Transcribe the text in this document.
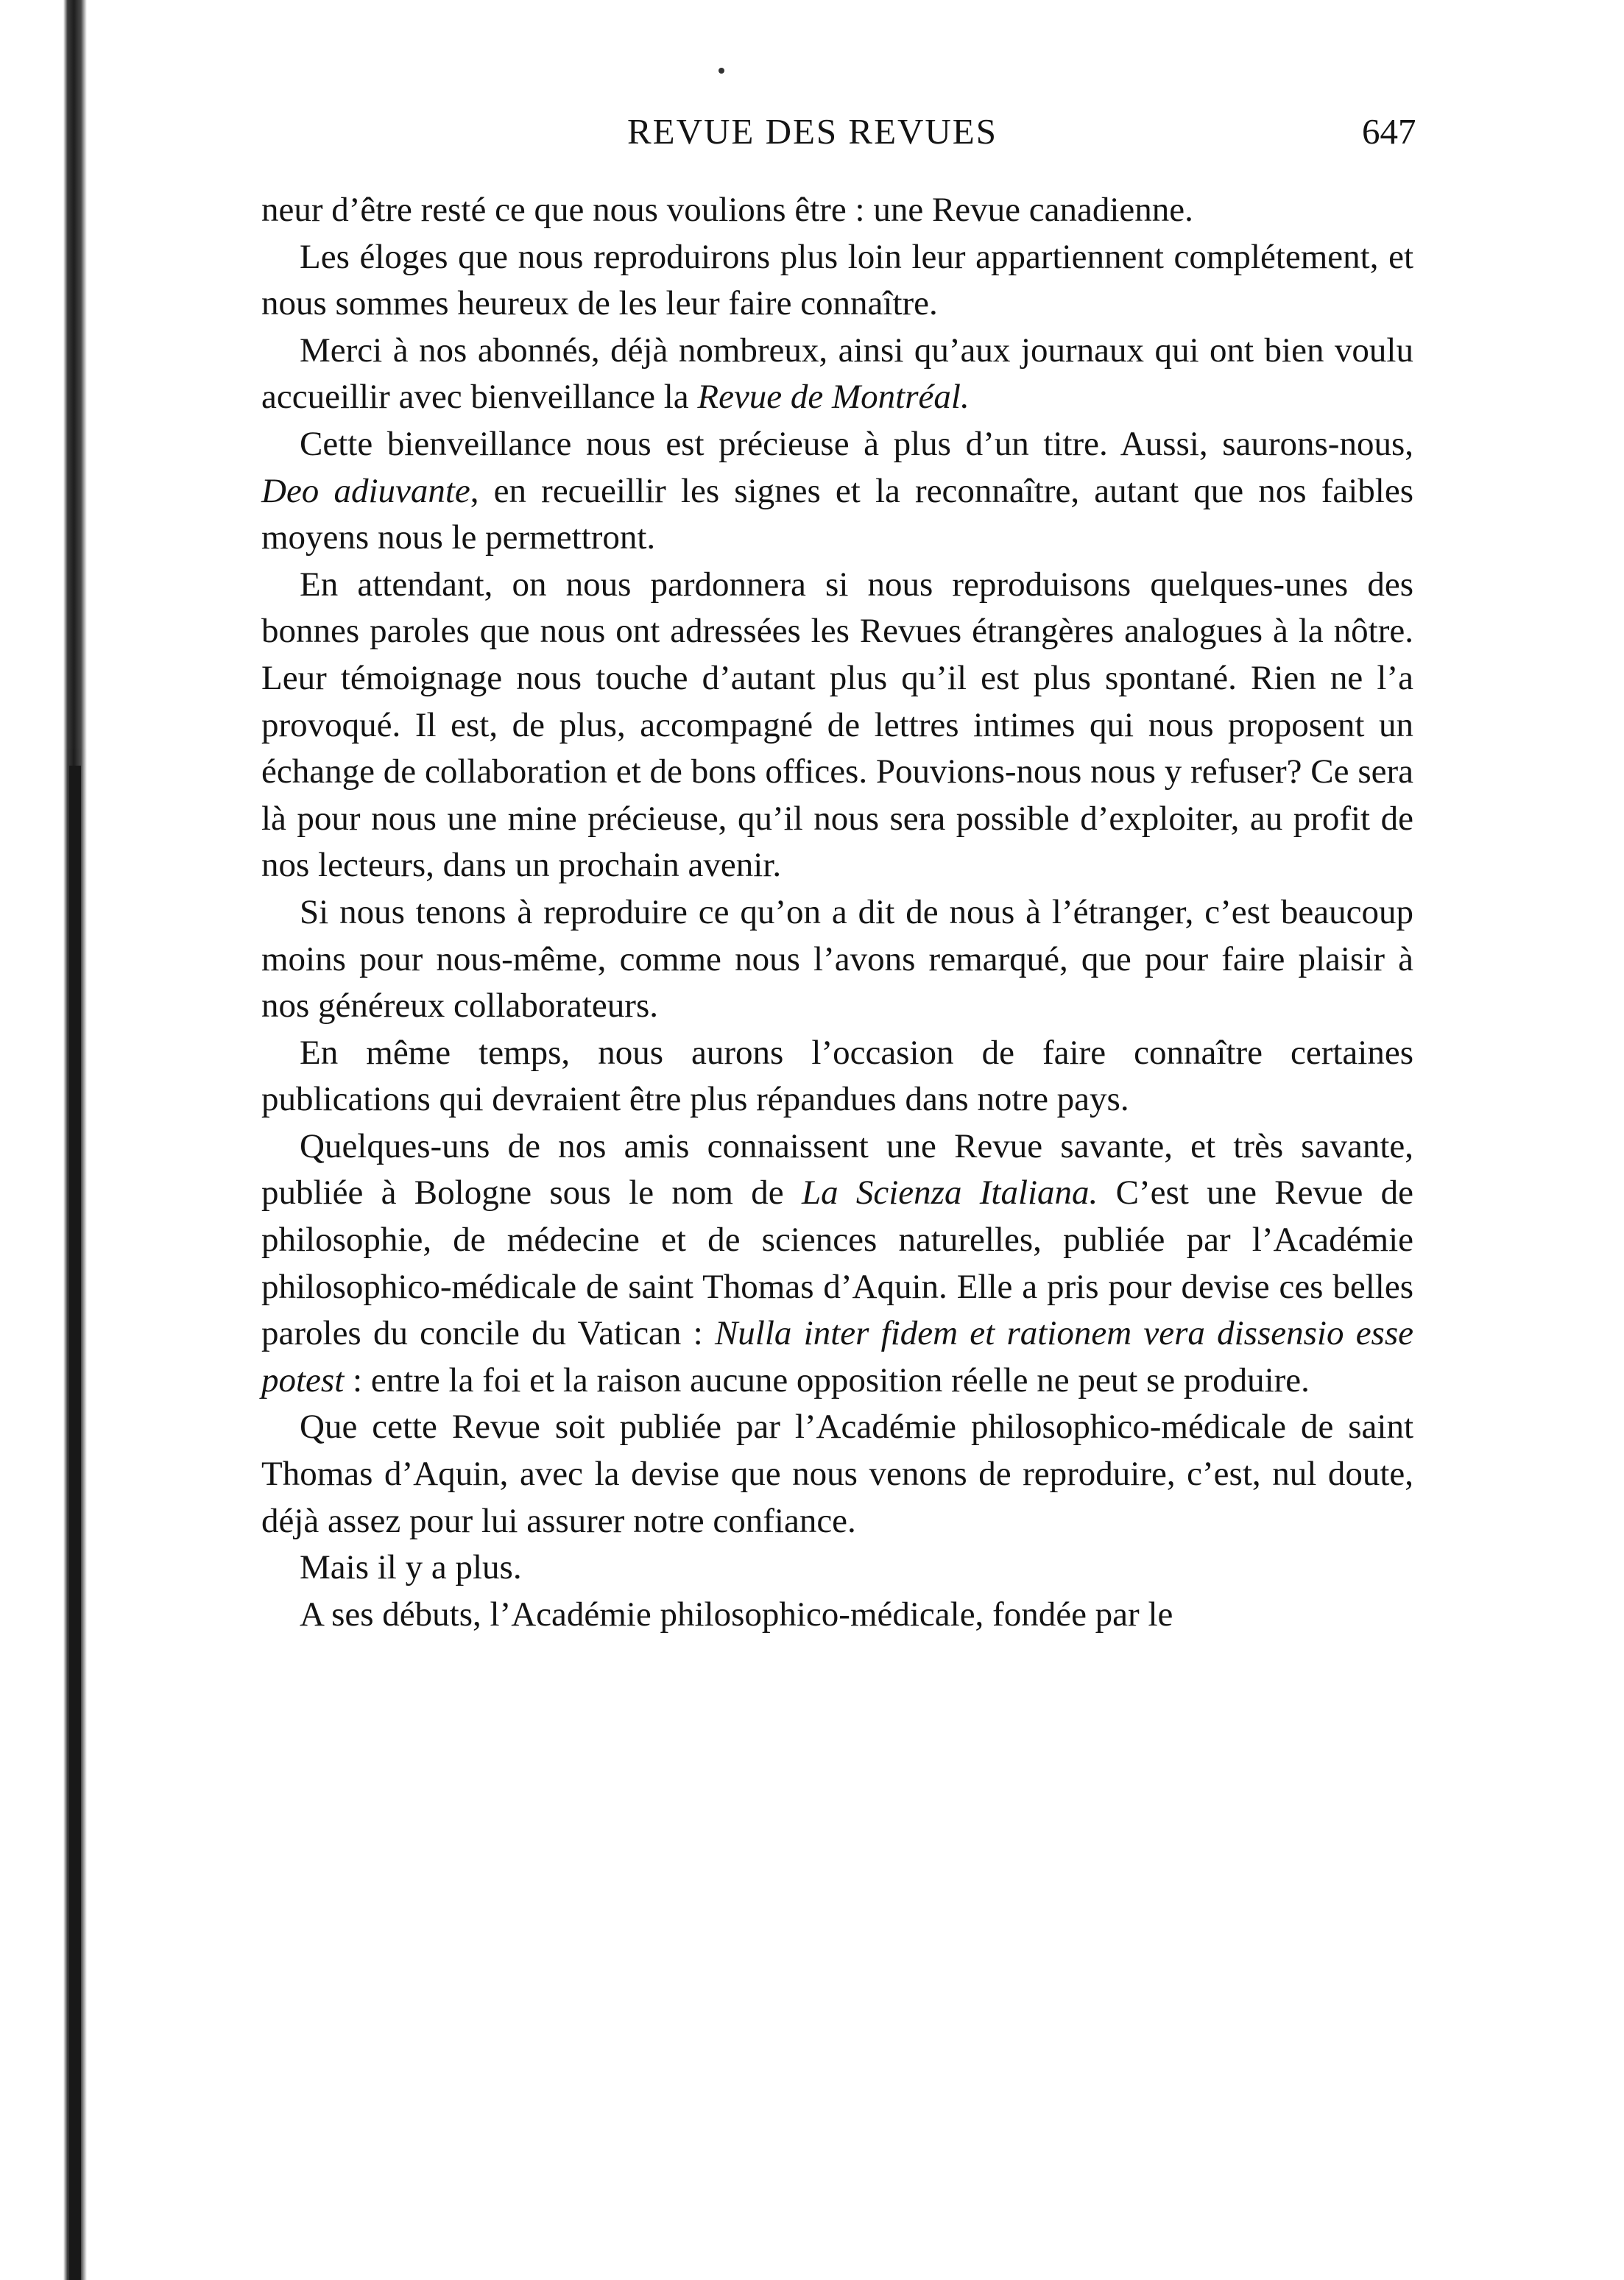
REVUE DES REVUES	647

neur d’être resté ce que nous voulions être : une Revue canadienne.

Les éloges que nous reproduirons plus loin leur appartiennent complétement, et nous sommes heureux de les leur faire connaître.

Merci à nos abonnés, déjà nombreux, ainsi qu’aux journaux qui ont bien voulu accueillir avec bienveillance la Revue de Montréal.

Cette bienveillance nous est précieuse à plus d’un titre. Aussi, saurons-nous, Deo adiuvante, en recueillir les signes et la reconnaître, autant que nos faibles moyens nous le permettront.

En attendant, on nous pardonnera si nous reproduisons quelques-unes des bonnes paroles que nous ont adressées les Revues étrangères analogues à la nôtre. Leur témoignage nous touche d’autant plus qu’il est plus spontané. Rien ne l’a provoqué. Il est, de plus, accompagné de lettres intimes qui nous proposent un échange de collaboration et de bons offices. Pouvions-nous nous y refuser? Ce sera là pour nous une mine précieuse, qu’il nous sera possible d’exploiter, au profit de nos lecteurs, dans un prochain avenir.

Si nous tenons à reproduire ce qu’on a dit de nous à l’étranger, c’est beaucoup moins pour nous-même, comme nous l’avons remarqué, que pour faire plaisir à nos généreux collaborateurs.

En même temps, nous aurons l’occasion de faire connaître certaines publications qui devraient être plus répandues dans notre pays.

Quelques-uns de nos amis connaissent une Revue savante, et très savante, publiée à Bologne sous le nom de La Scienza Italiana. C’est une Revue de philosophie, de médecine et de sciences naturelles, publiée par l’Académie philosophico-médicale de saint Thomas d’Aquin. Elle a pris pour devise ces belles paroles du concile du Vatican : Nulla inter fidem et rationem vera dissensio esse potest : entre la foi et la raison aucune opposition réelle ne peut se produire.

Que cette Revue soit publiée par l’Académie philosophico-médicale de saint Thomas d’Aquin, avec la devise que nous venons de reproduire, c’est, nul doute, déjà assez pour lui assurer notre confiance.

Mais il y a plus.

A ses débuts, l’Académie philosophico-médicale, fondée par le
